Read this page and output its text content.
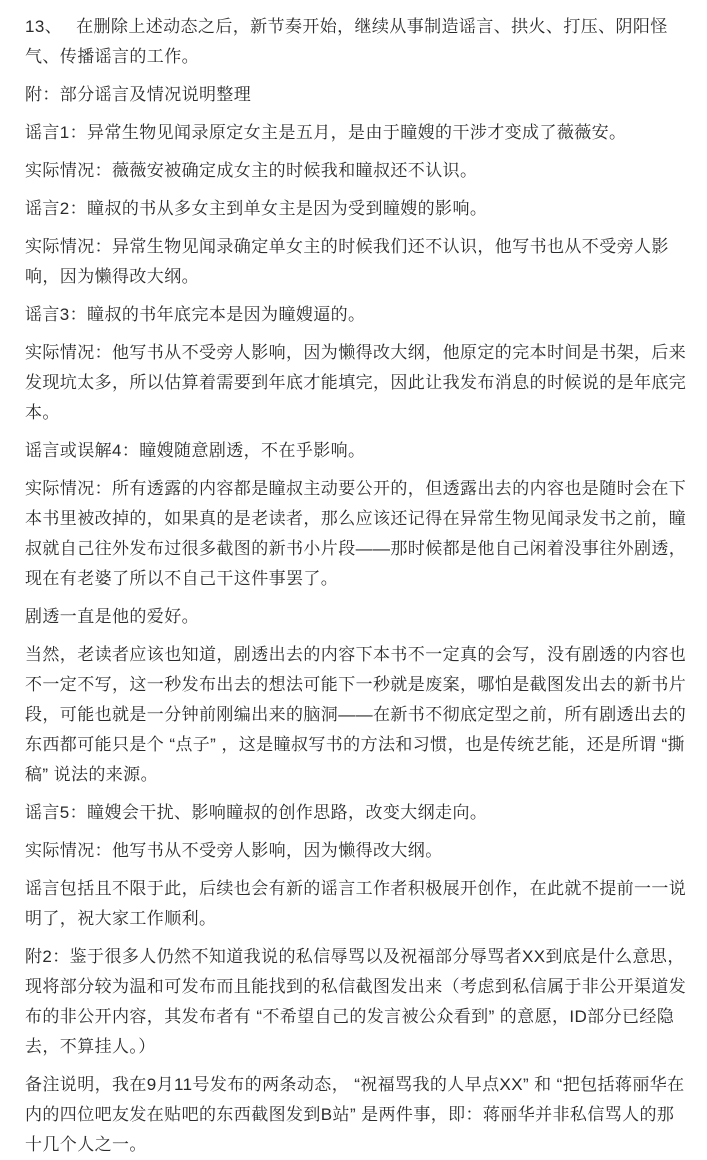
13、　 在删除上述动态之后，新节奏开始，继续从事制造谣言、拱火、打压、阴阳怪气、传播谣言的工作。

附：部分谣言及情况说明整理

谣言1：异常生物见闻录原定女主是五月，是由于瞳嫂的干涉才变成了薇薇安。

实际情况：薇薇安被确定成女主的时候我和瞳叔还不认识。

谣言2：瞳叔的书从多女主到单女主是因为受到瞳嫂的影响。

实际情况：异常生物见闻录确定单女主的时候我们还不认识，他写书也从不受旁人影响，因为懒得改大纲。

谣言3：瞳叔的书年底完本是因为瞳嫂逼的。

实际情况：他写书从不受旁人影响，因为懒得改大纲，他原定的完本时间是书架，后来发现坑太多，所以估算着需要到年底才能填完，因此让我发布消息的时候说的是年底完本。

谣言或误解4：瞳嫂随意剧透，不在乎影响。

实际情况：所有透露的内容都是瞳叔主动要公开的，但透露出去的内容也是随时会在下本书里被改掉的，如果真的是老读者，那么应该还记得在异常生物见闻录发书之前，瞳叔就自己往外发布过很多截图的新书小片段——那时候都是他自己闲着没事往外剧透，现在有老婆了所以不自己干这件事罢了。

剧透一直是他的爱好。

当然，老读者应该也知道，剧透出去的内容下本书不一定真的会写，没有剧透的内容也不一定不写，这一秒发布出去的想法可能下一秒就是废案，哪怕是截图发出去的新书片段，可能也就是一分钟前刚编出来的脑洞——在新书不彻底定型之前，所有剧透出去的东西都可能只是个 “点子” ，这是瞳叔写书的方法和习惯，也是传统艺能，还是所谓 “撕稿” 说法的来源。

谣言5：瞳嫂会干扰、影响瞳叔的创作思路，改变大纲走向。

实际情况：他写书从不受旁人影响，因为懒得改大纲。

谣言包括且不限于此，后续也会有新的谣言工作者积极展开创作，在此就不提前一一说明了，祝大家工作顺利。

附2：鉴于很多人仍然不知道我说的私信辱骂以及祝福部分辱骂者XX到底是什么意思，现将部分较为温和可发布而且能找到的私信截图发出来（考虑到私信属于非公开渠道发布的非公开内容，其发布者有 “不希望自己的发言被公众看到” 的意愿，ID部分已经隐去，不算挂人。）

备注说明，我在9月11号发布的两条动态， “祝福骂我的人早点XX” 和 “把包括蒋丽华在内的四位吧友发在贴吧的东西截图发到B站” 是两件事，即：蒋丽华并非私信骂人的那十几个人之一。
